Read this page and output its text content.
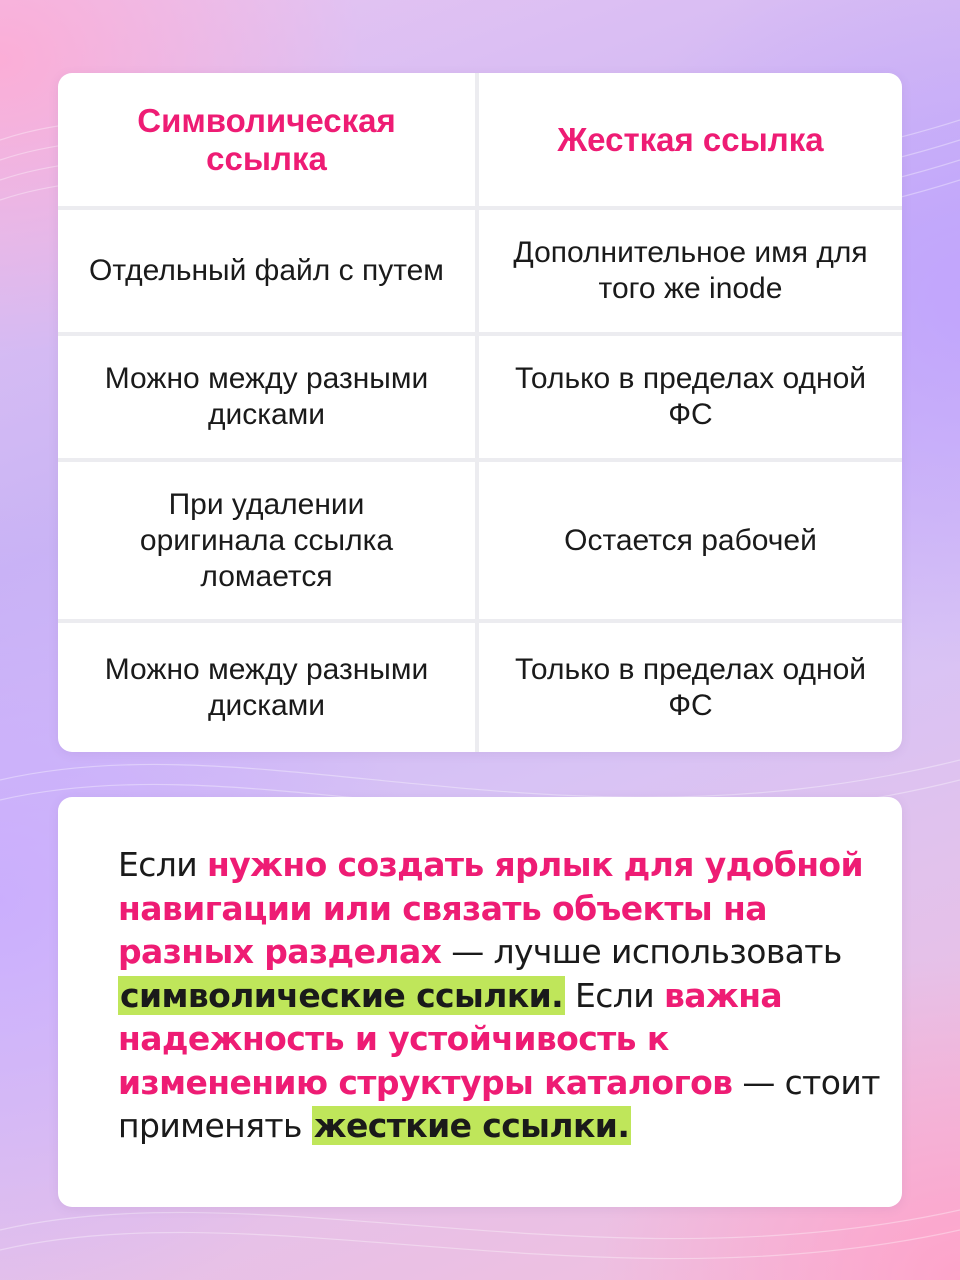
Символическая ссылка
Жесткая ссылка
Отдельный файл с путем
Дополнительное имя для того же inode
Можно между разными дисками
Только в пределах одной ФС
При удалении оригинала ссылка ломается
Остается рабочей
Можно между разными дисками
Только в пределах одной ФС
Если нужно создать ярлык для удобной навигации или связать объекты на разных разделах — лучше использовать символические ссылки. Если важна надежность и устойчивость к изменению структуры каталогов — стоит применять жесткие ссылки.
